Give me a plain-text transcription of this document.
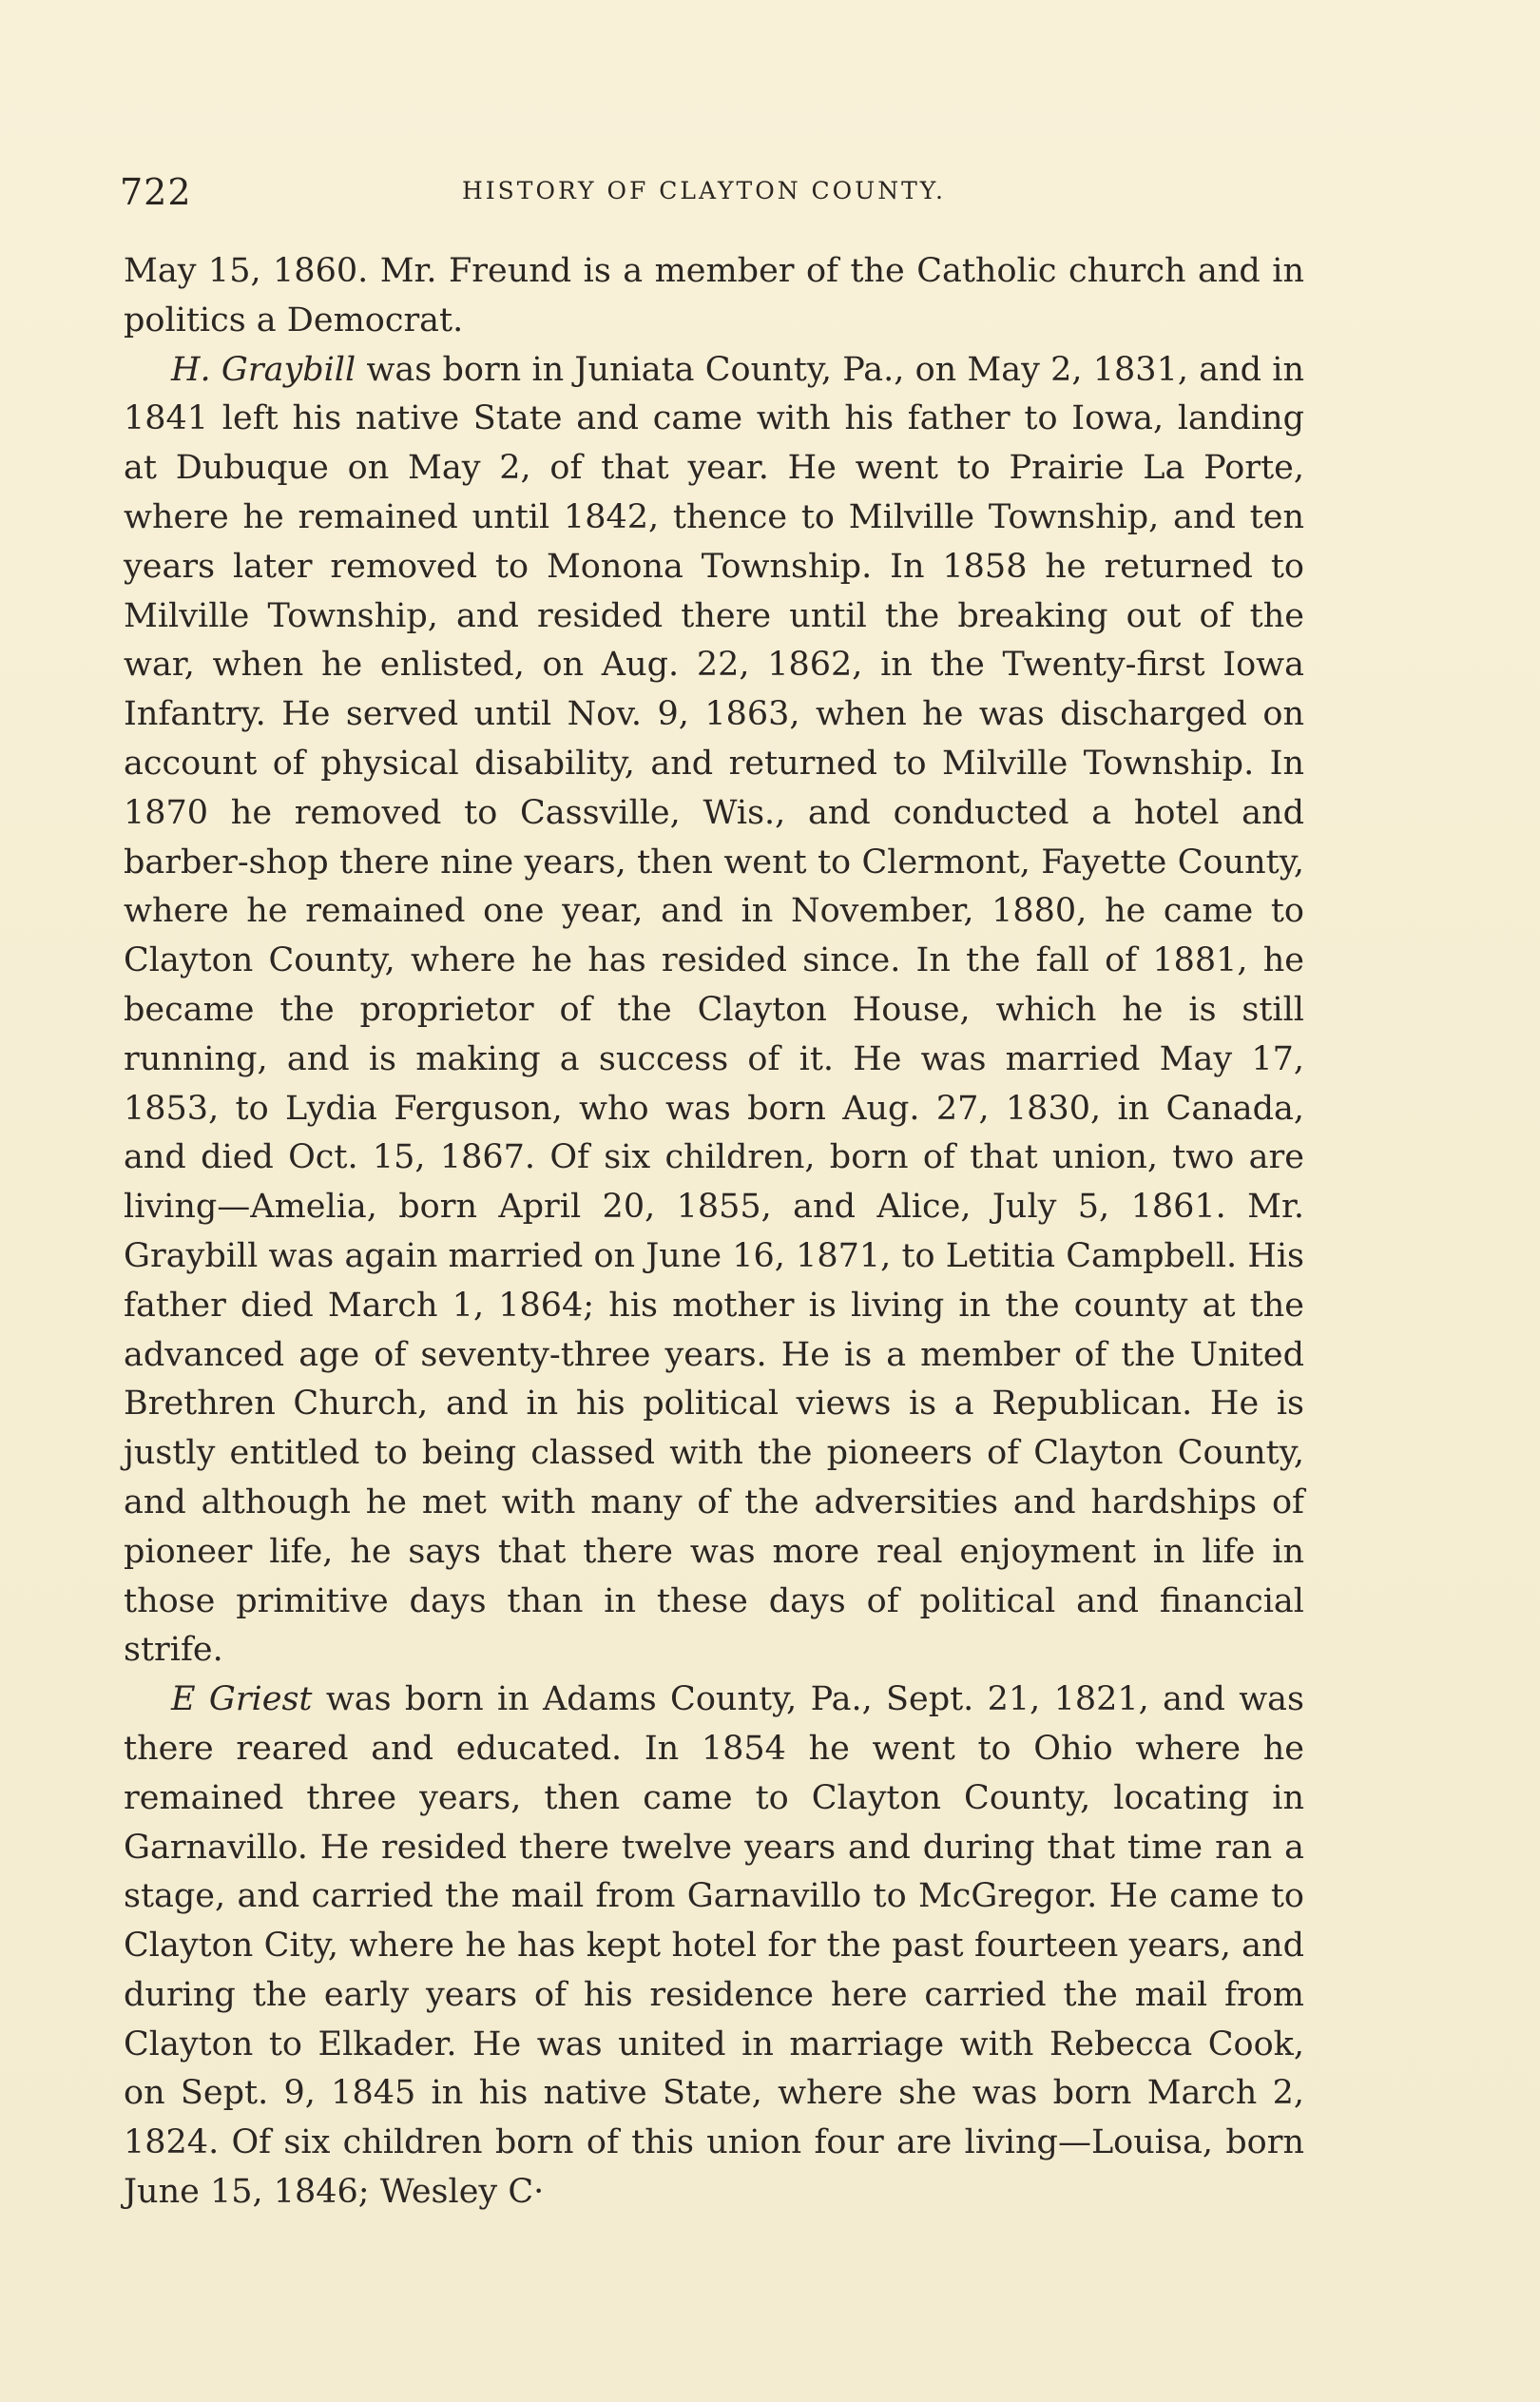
722	HISTORY OF CLAYTON COUNTY.

May 15, 1860. Mr. Freund is a member of the Catholic church and in politics a Democrat.

H. Graybill was born in Juniata County, Pa., on May 2, 1831, and in 1841 left his native State and came with his father to Iowa, landing at Dubuque on May 2, of that year. He went to Prairie La Porte, where he remained until 1842, thence to Milville Township, and ten years later removed to Monona Township. In 1858 he returned to Milville Township, and resided there until the breaking out of the war, when he enlisted, on Aug. 22, 1862, in the Twenty-first Iowa Infantry. He served until Nov. 9, 1863, when he was discharged on account of physical disability, and returned to Milville Township. In 1870 he removed to Cassville, Wis., and conducted a hotel and barber-shop there nine years, then went to Clermont, Fayette County, where he remained one year, and in November, 1880, he came to Clayton County, where he has resided since. In the fall of 1881, he became the proprietor of the Clayton House, which he is still running, and is making a success of it. He was married May 17, 1853, to Lydia Ferguson, who was born Aug. 27, 1830, in Canada, and died Oct. 15, 1867. Of six children, born of that union, two are living—Amelia, born April 20, 1855, and Alice, July 5, 1861. Mr. Graybill was again married on June 16, 1871, to Letitia Campbell. His father died March 1, 1864; his mother is living in the county at the advanced age of seventy-three years. He is a member of the United Brethren Church, and in his political views is a Republican. He is justly entitled to being classed with the pioneers of Clayton County, and although he met with many of the adversities and hardships of pioneer life, he says that there was more real enjoyment in life in those primitive days than in these days of political and financial strife.

E Griest was born in Adams County, Pa., Sept. 21, 1821, and was there reared and educated. In 1854 he went to Ohio where he remained three years, then came to Clayton County, locating in Garnavillo. He resided there twelve years and during that time ran a stage, and carried the mail from Garnavillo to McGregor. He came to Clayton City, where he has kept hotel for the past fourteen years, and during the early years of his residence here carried the mail from Clayton to Elkader. He was united in marriage with Rebecca Cook, on Sept. 9, 1845 in his native State, where she was born March 2, 1824. Of six children born of this union four are living—Louisa, born June 15, 1846; Wesley C·
